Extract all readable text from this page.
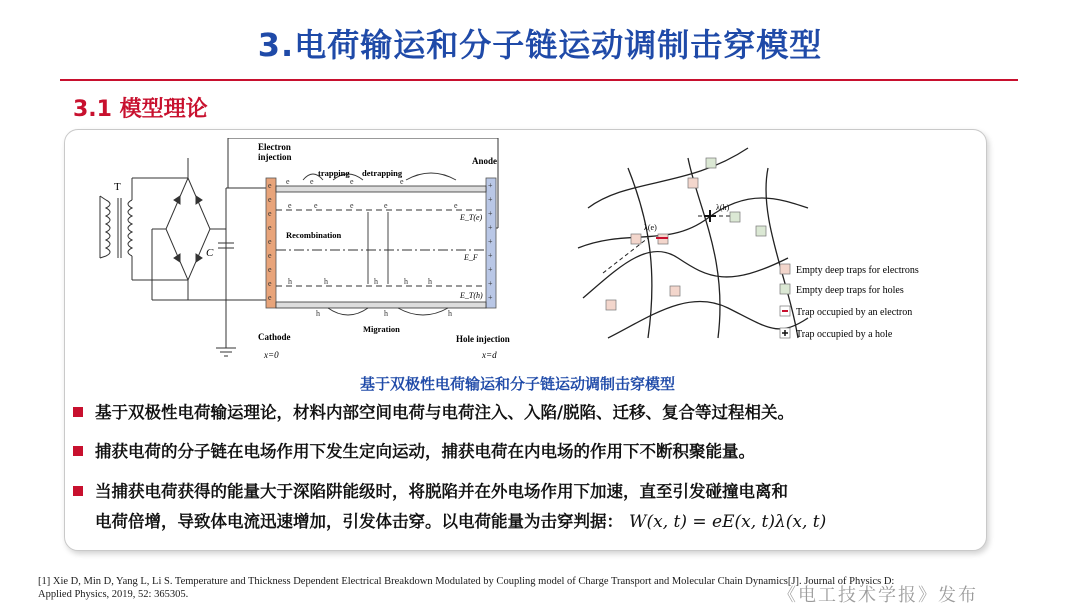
3.电荷输运和分子链运动调制击穿模型
3.1 模型理论
T
C
e
e
e
e
e
e
e
e
e
+
+
+
+
+
+
+
+
+
e	e	e	e
e	e	e	e	e
h	h	h	h	h
h	h	h
Electron injection
trapping detrapping
Anode
Recombination
E_T(e)
E_F
E_T(h)
Cathode
x=0
Migration
Hole injection
x=d
λ(e)
λ(h)
Empty deep traps for electrons
Empty deep traps for holes
Trap occupied by an electron
Trap occupied by a hole
基于双极性电荷输运和分子链运动调制击穿模型
基于双极性电荷输运理论，材料内部空间电荷与电荷注入、入陷/脱陷、迁移、复合等过程相关。
捕获电荷的分子链在电场作用下发生定向运动，捕获电荷在内电场的作用下不断积聚能量。
当捕获电荷获得的能量大于深陷阱能级时，将脱陷并在外电场作用下加速，直至引发碰撞电离和
电荷倍增，导致体电流迅速增加，引发体击穿。以电荷能量为击穿判据： W(x, t) = eE(x, t)λ(x, t)
[1] Xie D, Min D, Yang L, Li S. Temperature and Thickness Dependent Electrical Breakdown Modulated by Coupling model of Charge Transport and Molecular Chain Dynamics[J]. Journal of Physics D:
Applied Physics, 2019, 52: 365305.	《电工技术学报》发布
